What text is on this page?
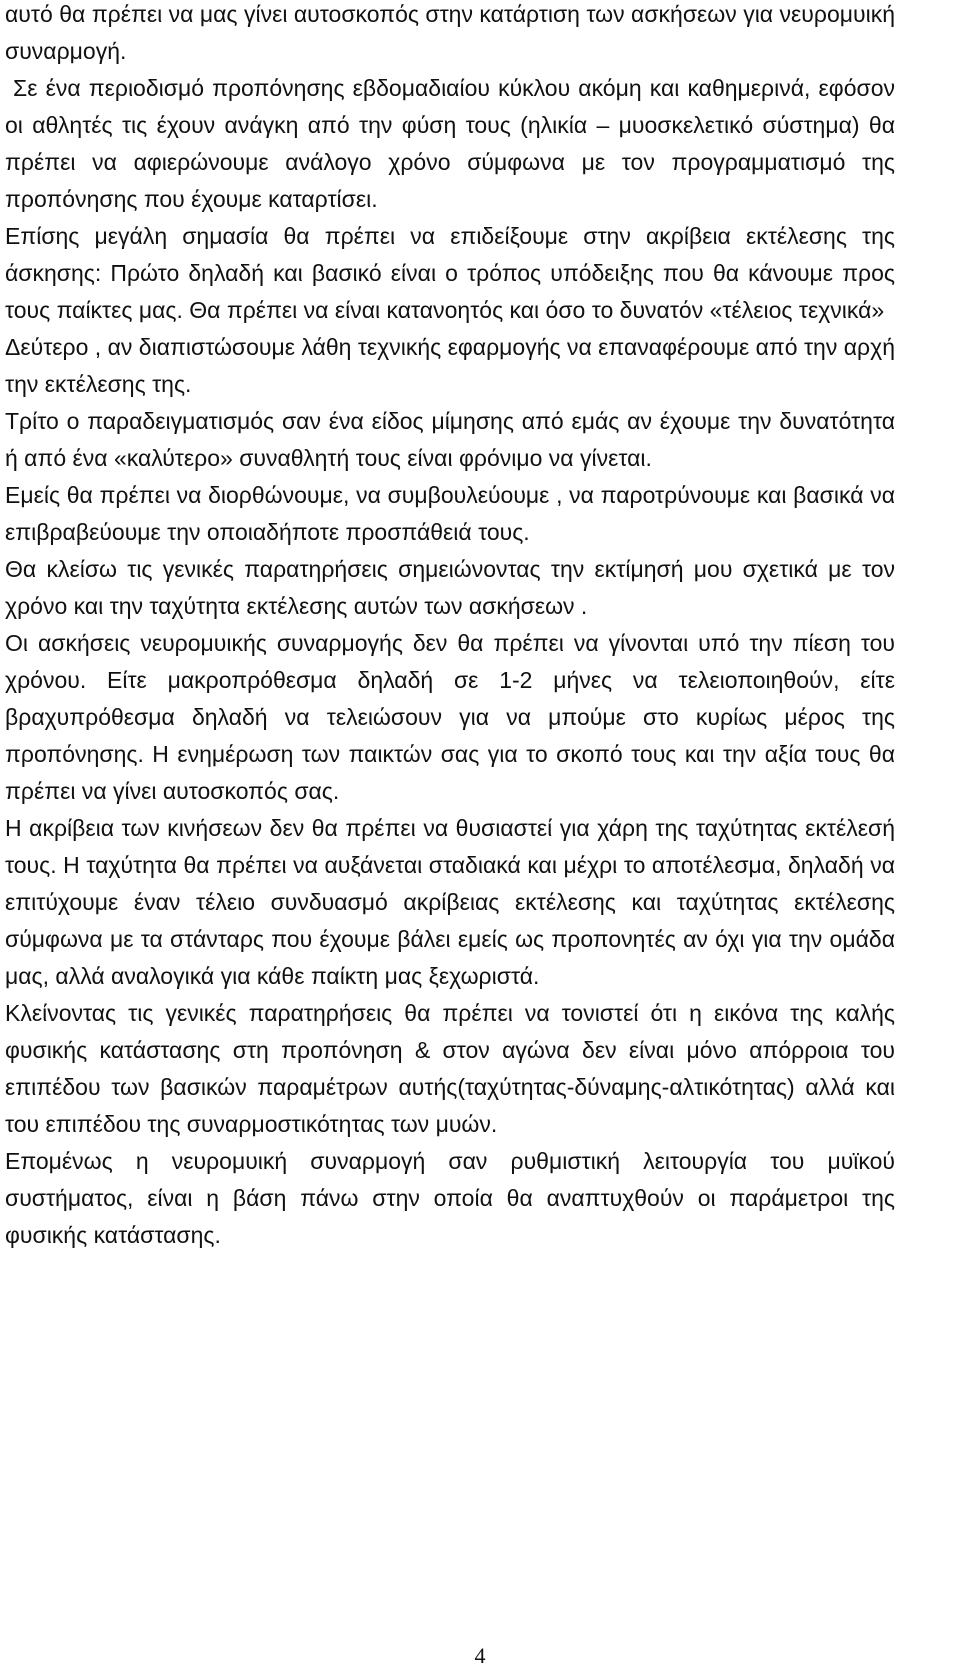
αυτό θα πρέπει να μας γίνει αυτοσκοπός στην κατάρτιση των ασκήσεων για νευρομυική συναρμογή.

Σε ένα περιοδισμό προπόνησης εβδομαδιαίου κύκλου ακόμη και καθημερινά, εφόσον οι αθλητές τις έχουν ανάγκη από την φύση τους (ηλικία – μυοσκελετικό σύστημα) θα πρέπει να αφιερώνουμε ανάλογο χρόνο σύμφωνα με τον προγραμματισμό της προπόνησης που έχουμε καταρτίσει.

Επίσης μεγάλη σημασία θα πρέπει να επιδείξουμε στην ακρίβεια εκτέλεσης της άσκησης: Πρώτο δηλαδή και βασικό είναι ο τρόπος υπόδειξης που θα κάνουμε προς τους παίκτες μας. Θα πρέπει να είναι κατανοητός και όσο το δυνατόν «τέλειος τεχνικά»

Δεύτερο , αν διαπιστώσουμε λάθη τεχνικής εφαρμογής να επαναφέρουμε από την αρχή την εκτέλεσης της.

Τρίτο ο παραδειγματισμός σαν ένα είδος μίμησης από εμάς αν έχουμε την δυνατότητα ή από ένα «καλύτερο» συναθλητή τους είναι φρόνιμο να γίνεται.

Εμείς θα πρέπει να διορθώνουμε, να συμβουλεύουμε , να παροτρύνουμε και βασικά να επιβραβεύουμε την οποιαδήποτε προσπάθειά τους.

Θα κλείσω τις γενικές παρατηρήσεις σημειώνοντας την εκτίμησή μου σχετικά με τον χρόνο και την ταχύτητα εκτέλεσης αυτών των ασκήσεων .

Οι ασκήσεις νευρομυικής συναρμογής δεν θα πρέπει να γίνονται υπό την πίεση του χρόνου. Είτε μακροπρόθεσμα δηλαδή σε 1-2 μήνες να τελειοποιηθούν, είτε βραχυπρόθεσμα δηλαδή να τελειώσουν για να μπούμε στο κυρίως μέρος της προπόνησης. Η ενημέρωση των παικτών σας για το σκοπό τους και την αξία τους θα πρέπει να γίνει αυτοσκοπός σας.

Η ακρίβεια των κινήσεων δεν θα πρέπει να θυσιαστεί για χάρη της ταχύτητας εκτέλεσή τους. Η ταχύτητα θα πρέπει να αυξάνεται σταδιακά και μέχρι το αποτέλεσμα, δηλαδή να επιτύχουμε έναν τέλειο συνδυασμό ακρίβειας εκτέλεσης και ταχύτητας εκτέλεσης σύμφωνα με τα στάνταρς που έχουμε βάλει εμείς ως προπονητές αν όχι για την ομάδα μας, αλλά αναλογικά για κάθε παίκτη μας ξεχωριστά.

Κλείνοντας τις γενικές παρατηρήσεις θα πρέπει να τονιστεί ότι η εικόνα της καλής φυσικής κατάστασης στη προπόνηση & στον αγώνα δεν είναι μόνο απόρροια του επιπέδου των βασικών παραμέτρων αυτής(ταχύτητας-δύναμης-αλτικότητας) αλλά και του επιπέδου της συναρμοστικότητας των μυών.

Επομένως η νευρομυική συναρμογή σαν ρυθμιστική λειτουργία του μυϊκού συστήματος, είναι η βάση πάνω στην οποία θα αναπτυχθούν οι παράμετροι της φυσικής κατάστασης.

4
